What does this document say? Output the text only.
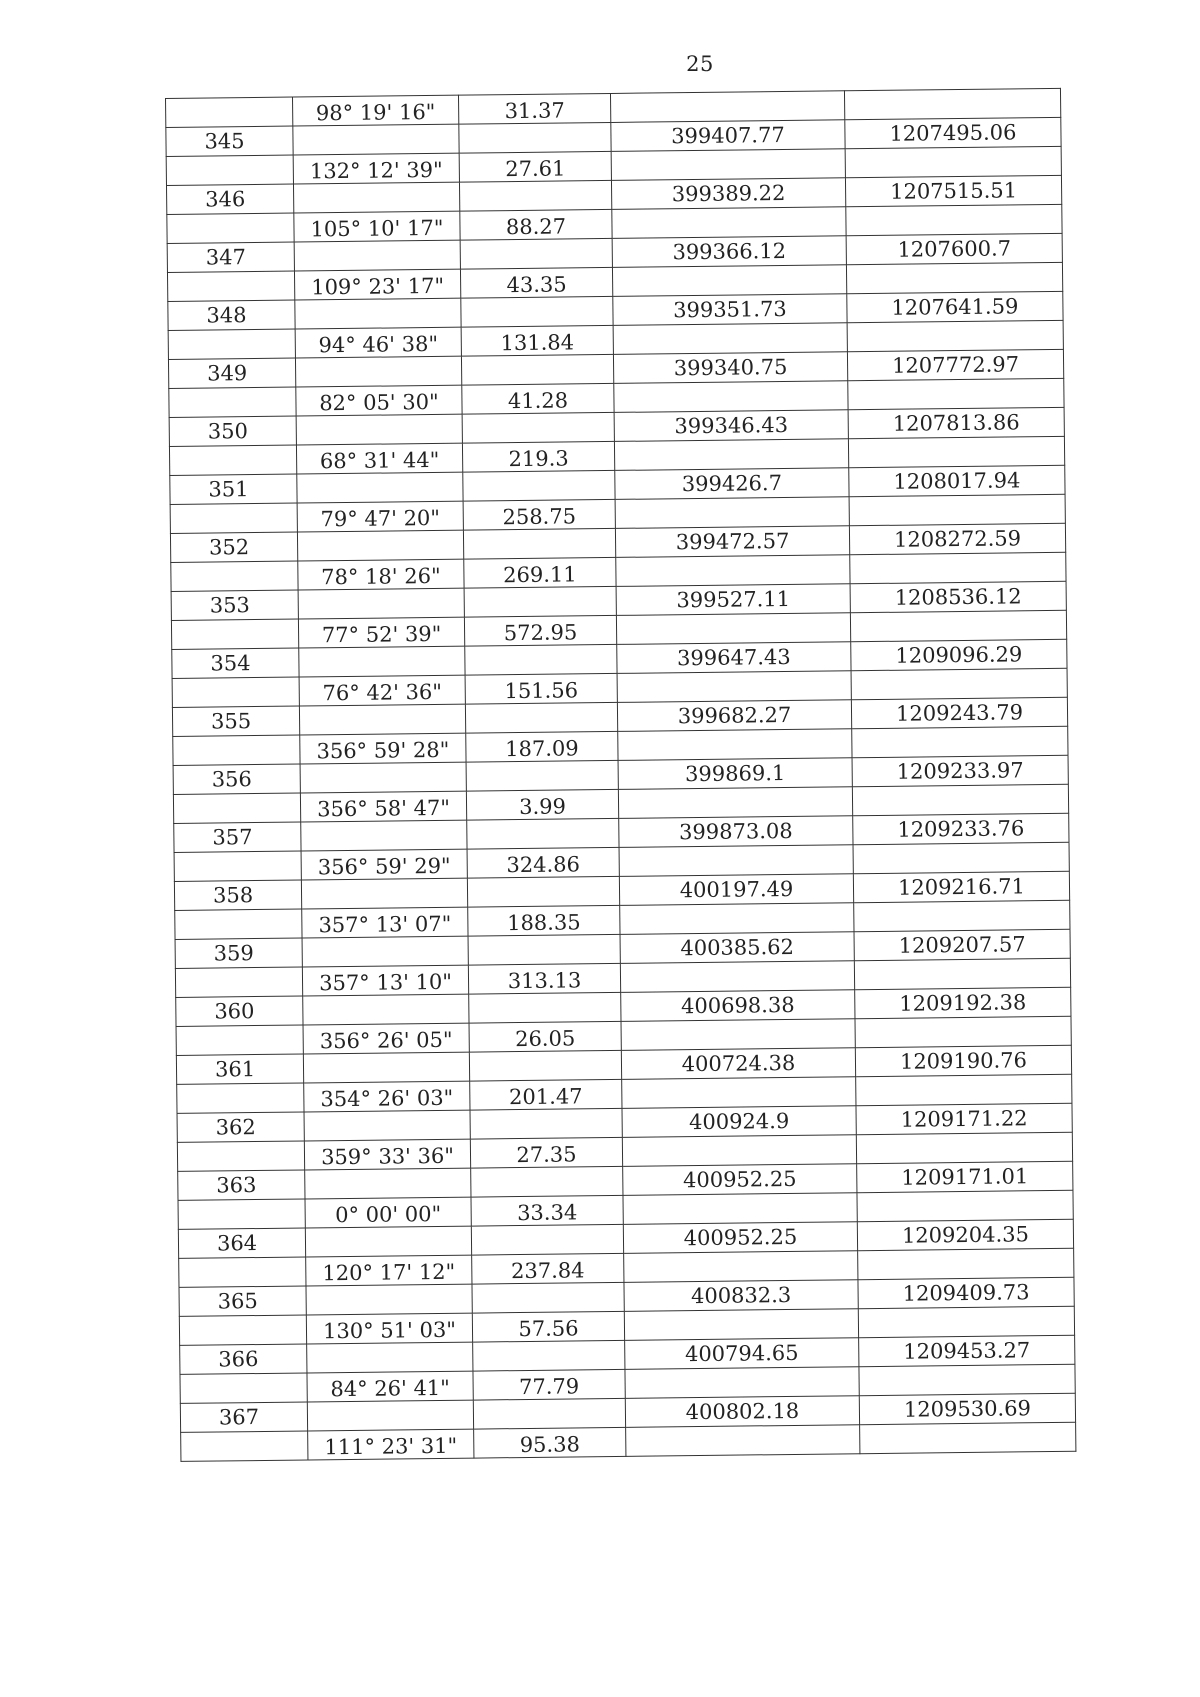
25
	98° 19' 16"	31.37		
345			399407.77	1207495.06
	132° 12' 39"	27.61		
346			399389.22	1207515.51
	105° 10' 17"	88.27		
347			399366.12	1207600.7
	109° 23' 17"	43.35		
348			399351.73	1207641.59
	94° 46' 38"	131.84		
349			399340.75	1207772.97
	82° 05' 30"	41.28		
350			399346.43	1207813.86
	68° 31' 44"	219.3		
351			399426.7	1208017.94
	79° 47' 20"	258.75		
352			399472.57	1208272.59
	78° 18' 26"	269.11		
353			399527.11	1208536.12
	77° 52' 39"	572.95		
354			399647.43	1209096.29
	76° 42' 36"	151.56		
355			399682.27	1209243.79
	356° 59' 28"	187.09		
356			399869.1	1209233.97
	356° 58' 47"	3.99		
357			399873.08	1209233.76
	356° 59' 29"	324.86		
358			400197.49	1209216.71
	357° 13' 07"	188.35		
359			400385.62	1209207.57
	357° 13' 10"	313.13		
360			400698.38	1209192.38
	356° 26' 05"	26.05		
361			400724.38	1209190.76
	354° 26' 03"	201.47		
362			400924.9	1209171.22
	359° 33' 36"	27.35		
363			400952.25	1209171.01
	0° 00' 00"	33.34		
364			400952.25	1209204.35
	120° 17' 12"	237.84		
365			400832.3	1209409.73
	130° 51' 03"	57.56		
366			400794.65	1209453.27
	84° 26' 41"	77.79		
367			400802.18	1209530.69
	111° 23' 31"	95.38		
